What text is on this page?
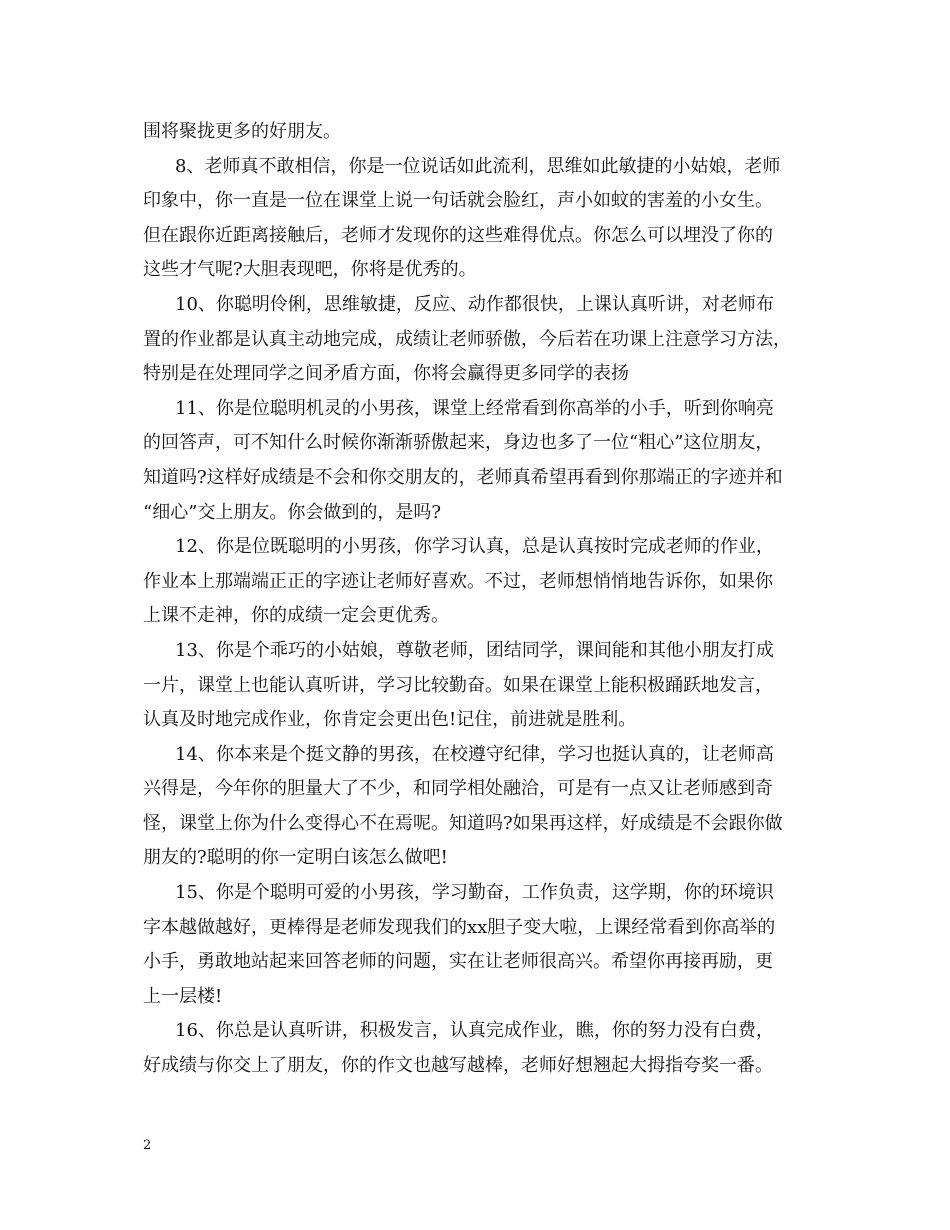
围将聚拢更多的好朋友。
8、老师真不敢相信，你是一位说话如此流利，思维如此敏捷的小姑娘，老师
印象中，你一直是一位在课堂上说一句话就会脸红，声小如蚊的害羞的小女生。
但在跟你近距离接触后，老师才发现你的这些难得优点。你怎么可以埋没了你的
这些才气呢?大胆表现吧，你将是优秀的。
10、你聪明伶俐，思维敏捷，反应、动作都很快，上课认真听讲，对老师布
置的作业都是认真主动地完成，成绩让老师骄傲，今后若在功课上注意学习方法，
特别是在处理同学之间矛盾方面，你将会赢得更多同学的表扬
11、你是位聪明机灵的小男孩，课堂上经常看到你高举的小手，听到你响亮
的回答声，可不知什么时候你渐渐骄傲起来，身边也多了一位“粗心”这位朋友，
知道吗?这样好成绩是不会和你交朋友的，老师真希望再看到你那端正的字迹并和
“细心”交上朋友。你会做到的，是吗?
12、你是位既聪明的小男孩，你学习认真，总是认真按时完成老师的作业，
作业本上那端端正正的字迹让老师好喜欢。不过，老师想悄悄地告诉你，如果你
上课不走神，你的成绩一定会更优秀。
13、你是个乖巧的小姑娘，尊敬老师，团结同学，课间能和其他小朋友打成
一片，课堂上也能认真听讲，学习比较勤奋。如果在课堂上能积极踊跃地发言，
认真及时地完成作业，你肯定会更出色!记住，前进就是胜利。
14、你本来是个挺文静的男孩，在校遵守纪律，学习也挺认真的，让老师高
兴得是，今年你的胆量大了不少，和同学相处融洽，可是有一点又让老师感到奇
怪，课堂上你为什么变得心不在焉呢。知道吗?如果再这样，好成绩是不会跟你做
朋友的?聪明的你一定明白该怎么做吧!
15、你是个聪明可爱的小男孩，学习勤奋，工作负责，这学期，你的环境识
字本越做越好，更棒得是老师发现我们的xx胆子变大啦，上课经常看到你高举的
小手，勇敢地站起来回答老师的问题，实在让老师很高兴。希望你再接再励，更
上一层楼!
16、你总是认真听讲，积极发言，认真完成作业，瞧，你的努力没有白费，
好成绩与你交上了朋友，你的作文也越写越棒，老师好想翘起大拇指夸奖一番。
2
